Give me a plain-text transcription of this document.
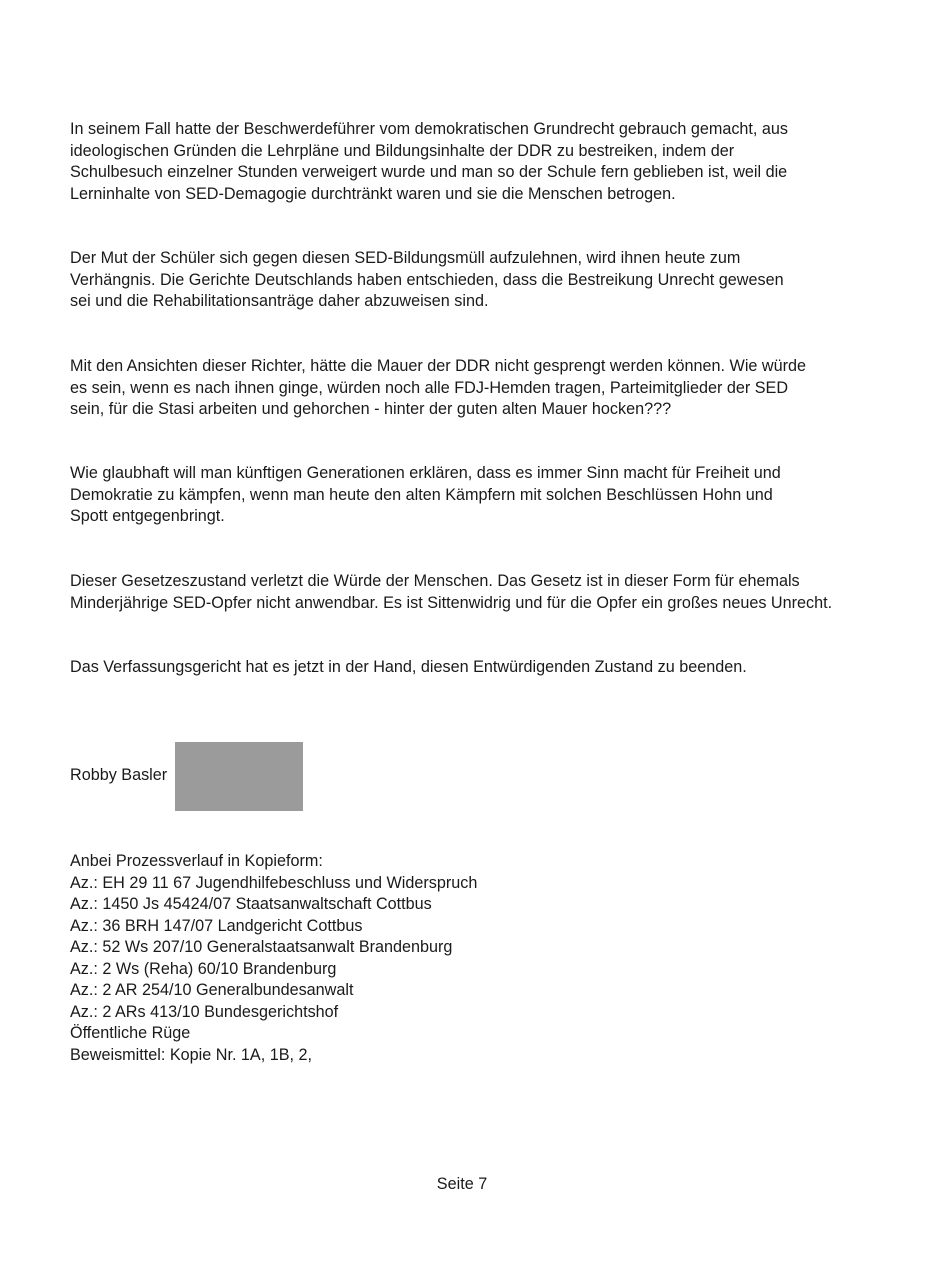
In seinem Fall hatte der Beschwerdeführer vom demokratischen Grundrecht gebrauch gemacht, aus
ideologischen Gründen die Lehrpläne und Bildungsinhalte der DDR zu bestreiken, indem der
Schulbesuch einzelner Stunden verweigert wurde und man so der Schule fern geblieben ist, weil die
Lerninhalte von SED-Demagogie durchtränkt waren und sie die Menschen betrogen.

Der Mut der Schüler sich gegen diesen SED-Bildungsmüll aufzulehnen, wird ihnen heute zum
Verhängnis. Die Gerichte Deutschlands haben entschieden, dass die Bestreikung Unrecht gewesen
sei und die Rehabilitationsanträge daher abzuweisen sind.

Mit den Ansichten dieser Richter, hätte die Mauer der DDR nicht gesprengt werden können. Wie würde
es sein, wenn es nach ihnen ginge, würden noch alle FDJ-Hemden tragen, Parteimitglieder der SED
sein, für die Stasi arbeiten und gehorchen - hinter der guten alten Mauer hocken???

Wie glaubhaft will man künftigen Generationen erklären, dass es immer Sinn macht für Freiheit und
Demokratie zu kämpfen, wenn man heute den alten Kämpfern mit solchen Beschlüssen Hohn und
Spott entgegenbringt.

Dieser Gesetzeszustand verletzt die Würde der Menschen. Das Gesetz ist in dieser Form für ehemals
Minderjährige SED-Opfer nicht anwendbar. Es ist Sittenwidrig und für die Opfer ein großes neues Unrecht.

Das Verfassungsgericht hat es jetzt in der Hand, diesen Entwürdigenden Zustand zu beenden.

Robby Basler

Anbei Prozessverlauf in Kopieform:
Az.: EH 29 11 67 Jugendhilfebeschluss und Widerspruch
Az.: 1450 Js 45424/07 Staatsanwaltschaft Cottbus
Az.: 36 BRH 147/07 Landgericht Cottbus
Az.: 52 Ws 207/10 Generalstaatsanwalt Brandenburg
Az.: 2 Ws (Reha) 60/10 Brandenburg
Az.: 2 AR 254/10 Generalbundesanwalt
Az.: 2 ARs 413/10 Bundesgerichtshof
Öffentliche Rüge
Beweismittel: Kopie Nr. 1A, 1B, 2,
Seite 7
